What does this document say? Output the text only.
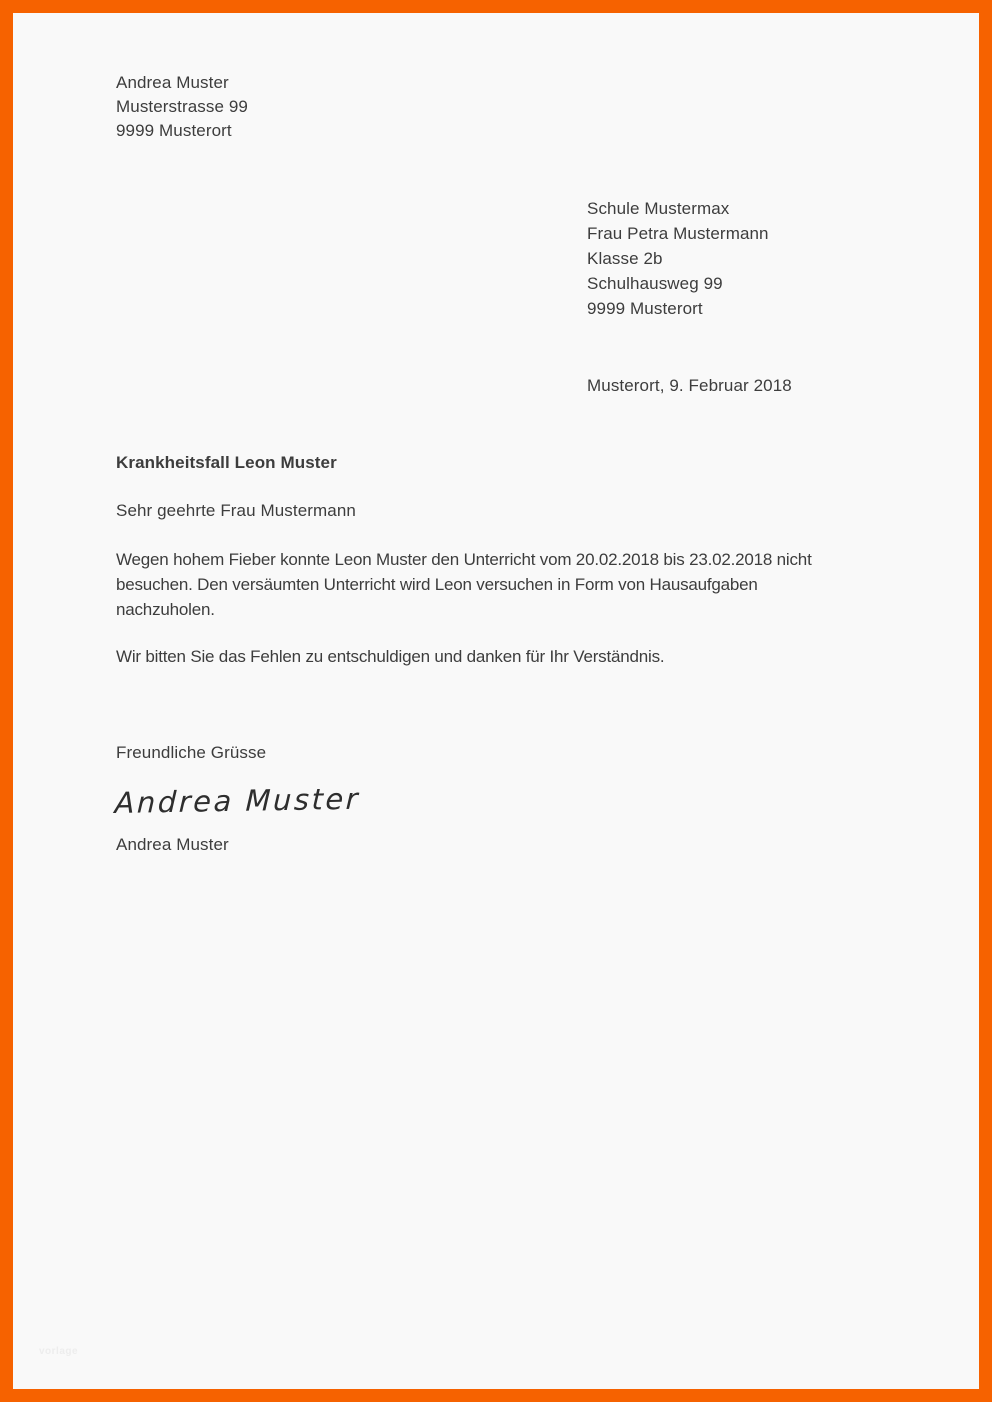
Andrea Muster
Musterstrasse 99
9999 Musterort
Schule Mustermax
Frau Petra Mustermann
Klasse 2b
Schulhausweg 99
9999 Musterort
Musterort, 9. Februar 2018
Krankheitsfall Leon Muster
Sehr geehrte Frau Mustermann
Wegen hohem Fieber konnte Leon Muster den Unterricht vom 20.02.2018 bis 23.02.2018 nicht
besuchen. Den versäumten Unterricht wird Leon versuchen in Form von Hausaufgaben
nachzuholen.
Wir bitten Sie das Fehlen zu entschuldigen und danken für Ihr Verständnis.
Freundliche Grüsse
Andrea Muster
Andrea Muster
vorlage
